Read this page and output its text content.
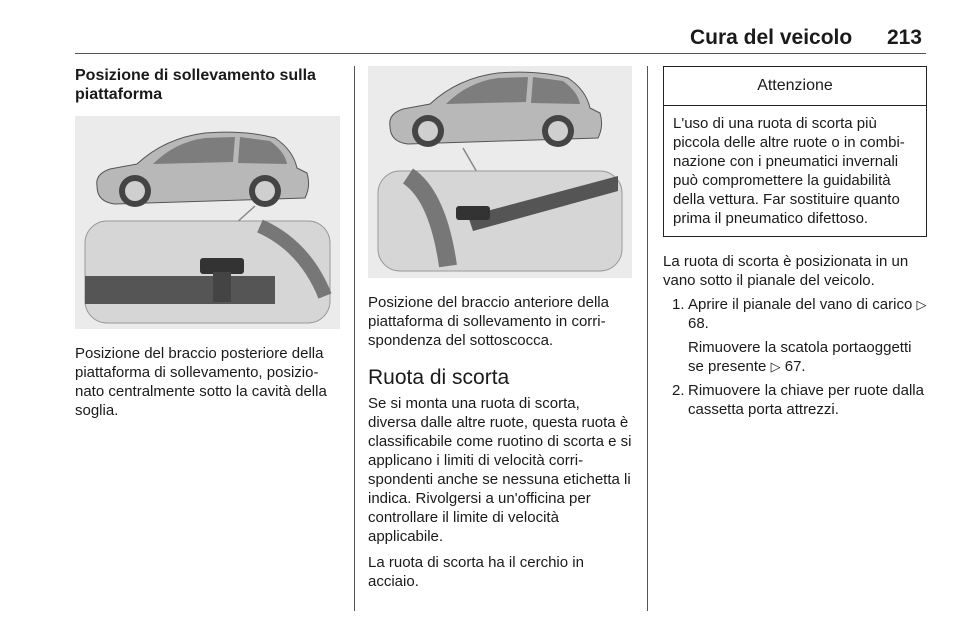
Cura del veicolo	213
Posizione di sollevamento sulla piattaforma

Posizione del braccio posteriore della piattaforma di sollevamento, posizionato centralmente sotto la cavità della soglia.

Posizione del braccio anteriore della piattaforma di sollevamento in corrispondenza del sottoscocca.

Ruota di scorta

Se si monta una ruota di scorta, diversa dalle altre ruote, questa ruota è classificabile come ruotino di scorta e si applicano i limiti di velocità corrispondenti anche se nessuna etichetta li indica. Rivolgersi a un'officina per controllare il limite di velocità applicabile.

La ruota di scorta ha il cerchio in acciaio.

Attenzione
L'uso di una ruota di scorta più piccola delle altre ruote o in combinazione con i pneumatici invernali può compromettere la guidabilità della vettura. Far sostituire quanto prima il pneumatico difettoso.

La ruota di scorta è posizionata in un vano sotto il pianale del veicolo.

1. Aprire il pianale del vano di carico ▷ 68.
Rimuovere la scatola portaoggetti se presente ▷ 67.
2. Rimuovere la chiave per ruote dalla cassetta porta attrezzi.
